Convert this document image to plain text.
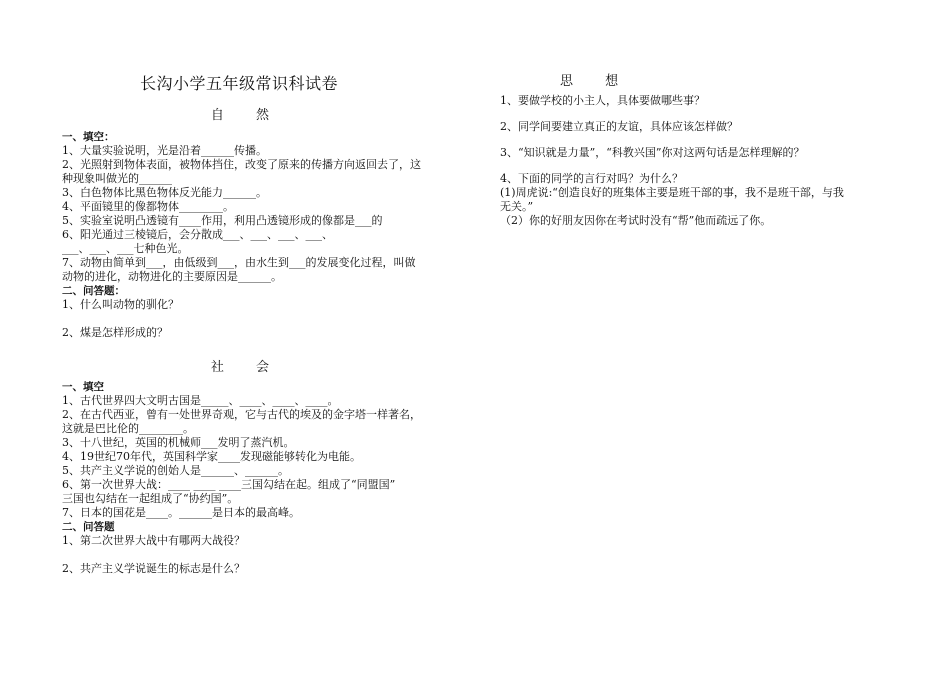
长沟小学五年级常识科试卷
自 然
一、填空：
1、大量实验说明，光是沿着______传播。
2、光照射到物体表面，被物体挡住，改变了原来的传播方向返回去了，这
种现象叫做光的______
3、白色物体比黑色物体反光能力______。
4、平面镜里的像都物体________。
5、实验室说明凸透镜有____作用，利用凸透镜形成的像都是___的
6、阳光通过三棱镜后，会分散成___、___、___、___、
___、___、___七种色光。
7、动物由简单到___，由低级到___，由水生到___的发展变化过程，叫做
动物的进化，动物进化的主要原因是______。
二、问答题：
1、什么叫动物的驯化？
2、煤是怎样形成的？
社 会
一、填空
1、古代世界四大文明古国是_____、____、____、____。
2、在古代西亚，曾有一处世界奇观，它与古代的埃及的金字塔一样著名，
这就是巴比伦的________。
3、十八世纪，英国的机械师___发明了蒸汽机。
4、19世纪70年代，英国科学家____发现磁能够转化为电能。
5、共产主义学说的创始人是______、______。
6、第一次世界大战：____ ____ ____三国勾结在起。组成了“同盟国”
三国也勾结在一起组成了“协约国”。
7、日本的国花是____。______是日本的最高峰。
二、问答题
1、第二次世界大战中有哪两大战役？
2、共产主义学说诞生的标志是什么？
思 想
1、要做学校的小主人，具体要做哪些事？
2、同学间要建立真正的友谊，具体应该怎样做？
3、“知识就是力量”，“科教兴国”你对这两句话是怎样理解的？
4、下面的同学的言行对吗？为什么？
(1)周虎说:“创造良好的班集体主要是班干部的事，我不是班干部，与我
无关。”
（2）你的好朋友因你在考试时没有“帮”他而疏远了你。
